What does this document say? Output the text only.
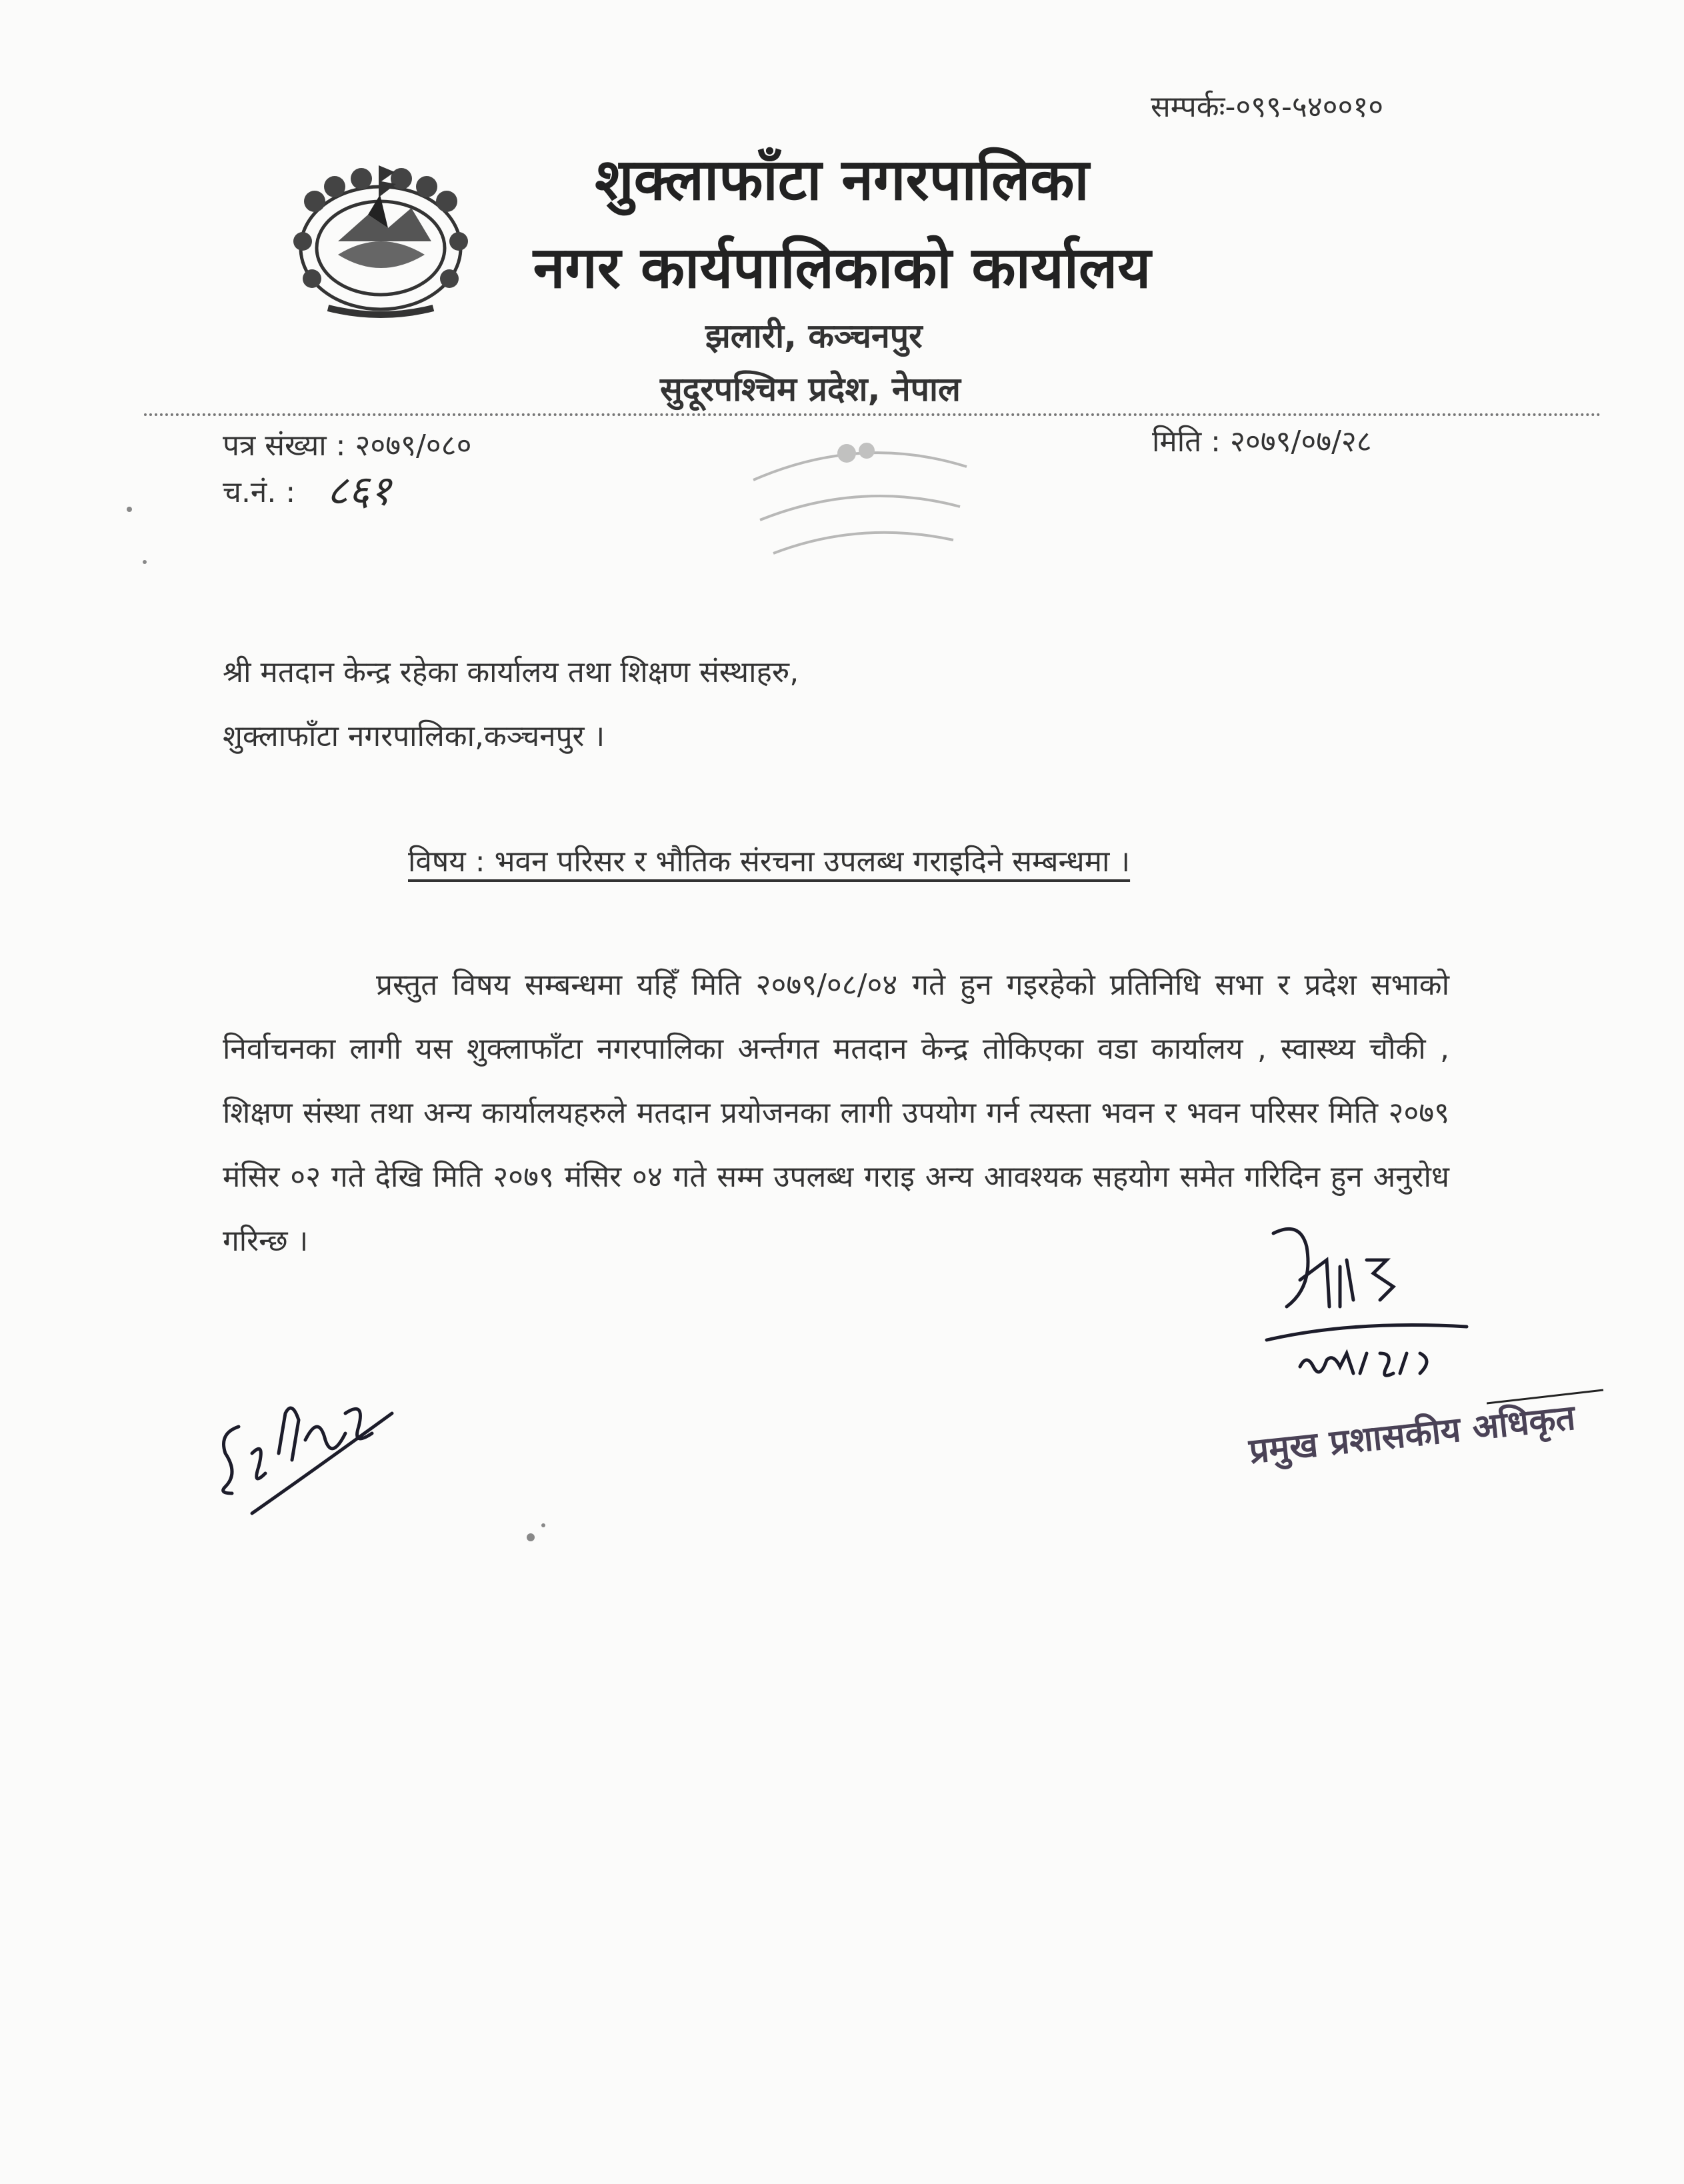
सम्पर्कः-०९९-५४००१०
शुक्लाफाँटा नगरपालिका
नगर कार्यपालिकाको कार्यालय
झलारी, कञ्चनपुर
सुदूरपश्चिम प्रदेश, नेपाल
पत्र संख्या : २०७९/०८०	मिति : २०७९/०७/२८
च.नं. : ८६१
श्री मतदान केन्द्र रहेका कार्यालय तथा शिक्षण संस्थाहरु,
शुक्लाफाँटा नगरपालिका,कञ्चनपुर ।
विषय : भवन परिसर र भौतिक संरचना उपलब्ध गराइदिने सम्बन्धमा ।
प्रस्तुत विषय सम्बन्धमा यहिँ मिति २०७९/०८/०४ गते हुन गइरहेको प्रतिनिधि सभा र प्रदेश सभाको निर्वाचनका लागी यस शुक्लाफाँटा नगरपालिका अर्न्तगत मतदान केन्द्र तोकिएका वडा कार्यालय , स्वास्थ्य चौकी , शिक्षण संस्था तथा अन्य कार्यालयहरुले मतदान प्रयोजनका लागी उपयोग गर्न त्यस्ता भवन र भवन परिसर मिति २०७९ मंसिर ०२ गते देखि मिति २०७९ मंसिर ०४ गते सम्म उपलब्ध गराइ अन्य आवश्यक सहयोग समेत गरिदिन हुन अनुरोध गरिन्छ ।
प्रमुख प्रशासकीय अधिकृत
